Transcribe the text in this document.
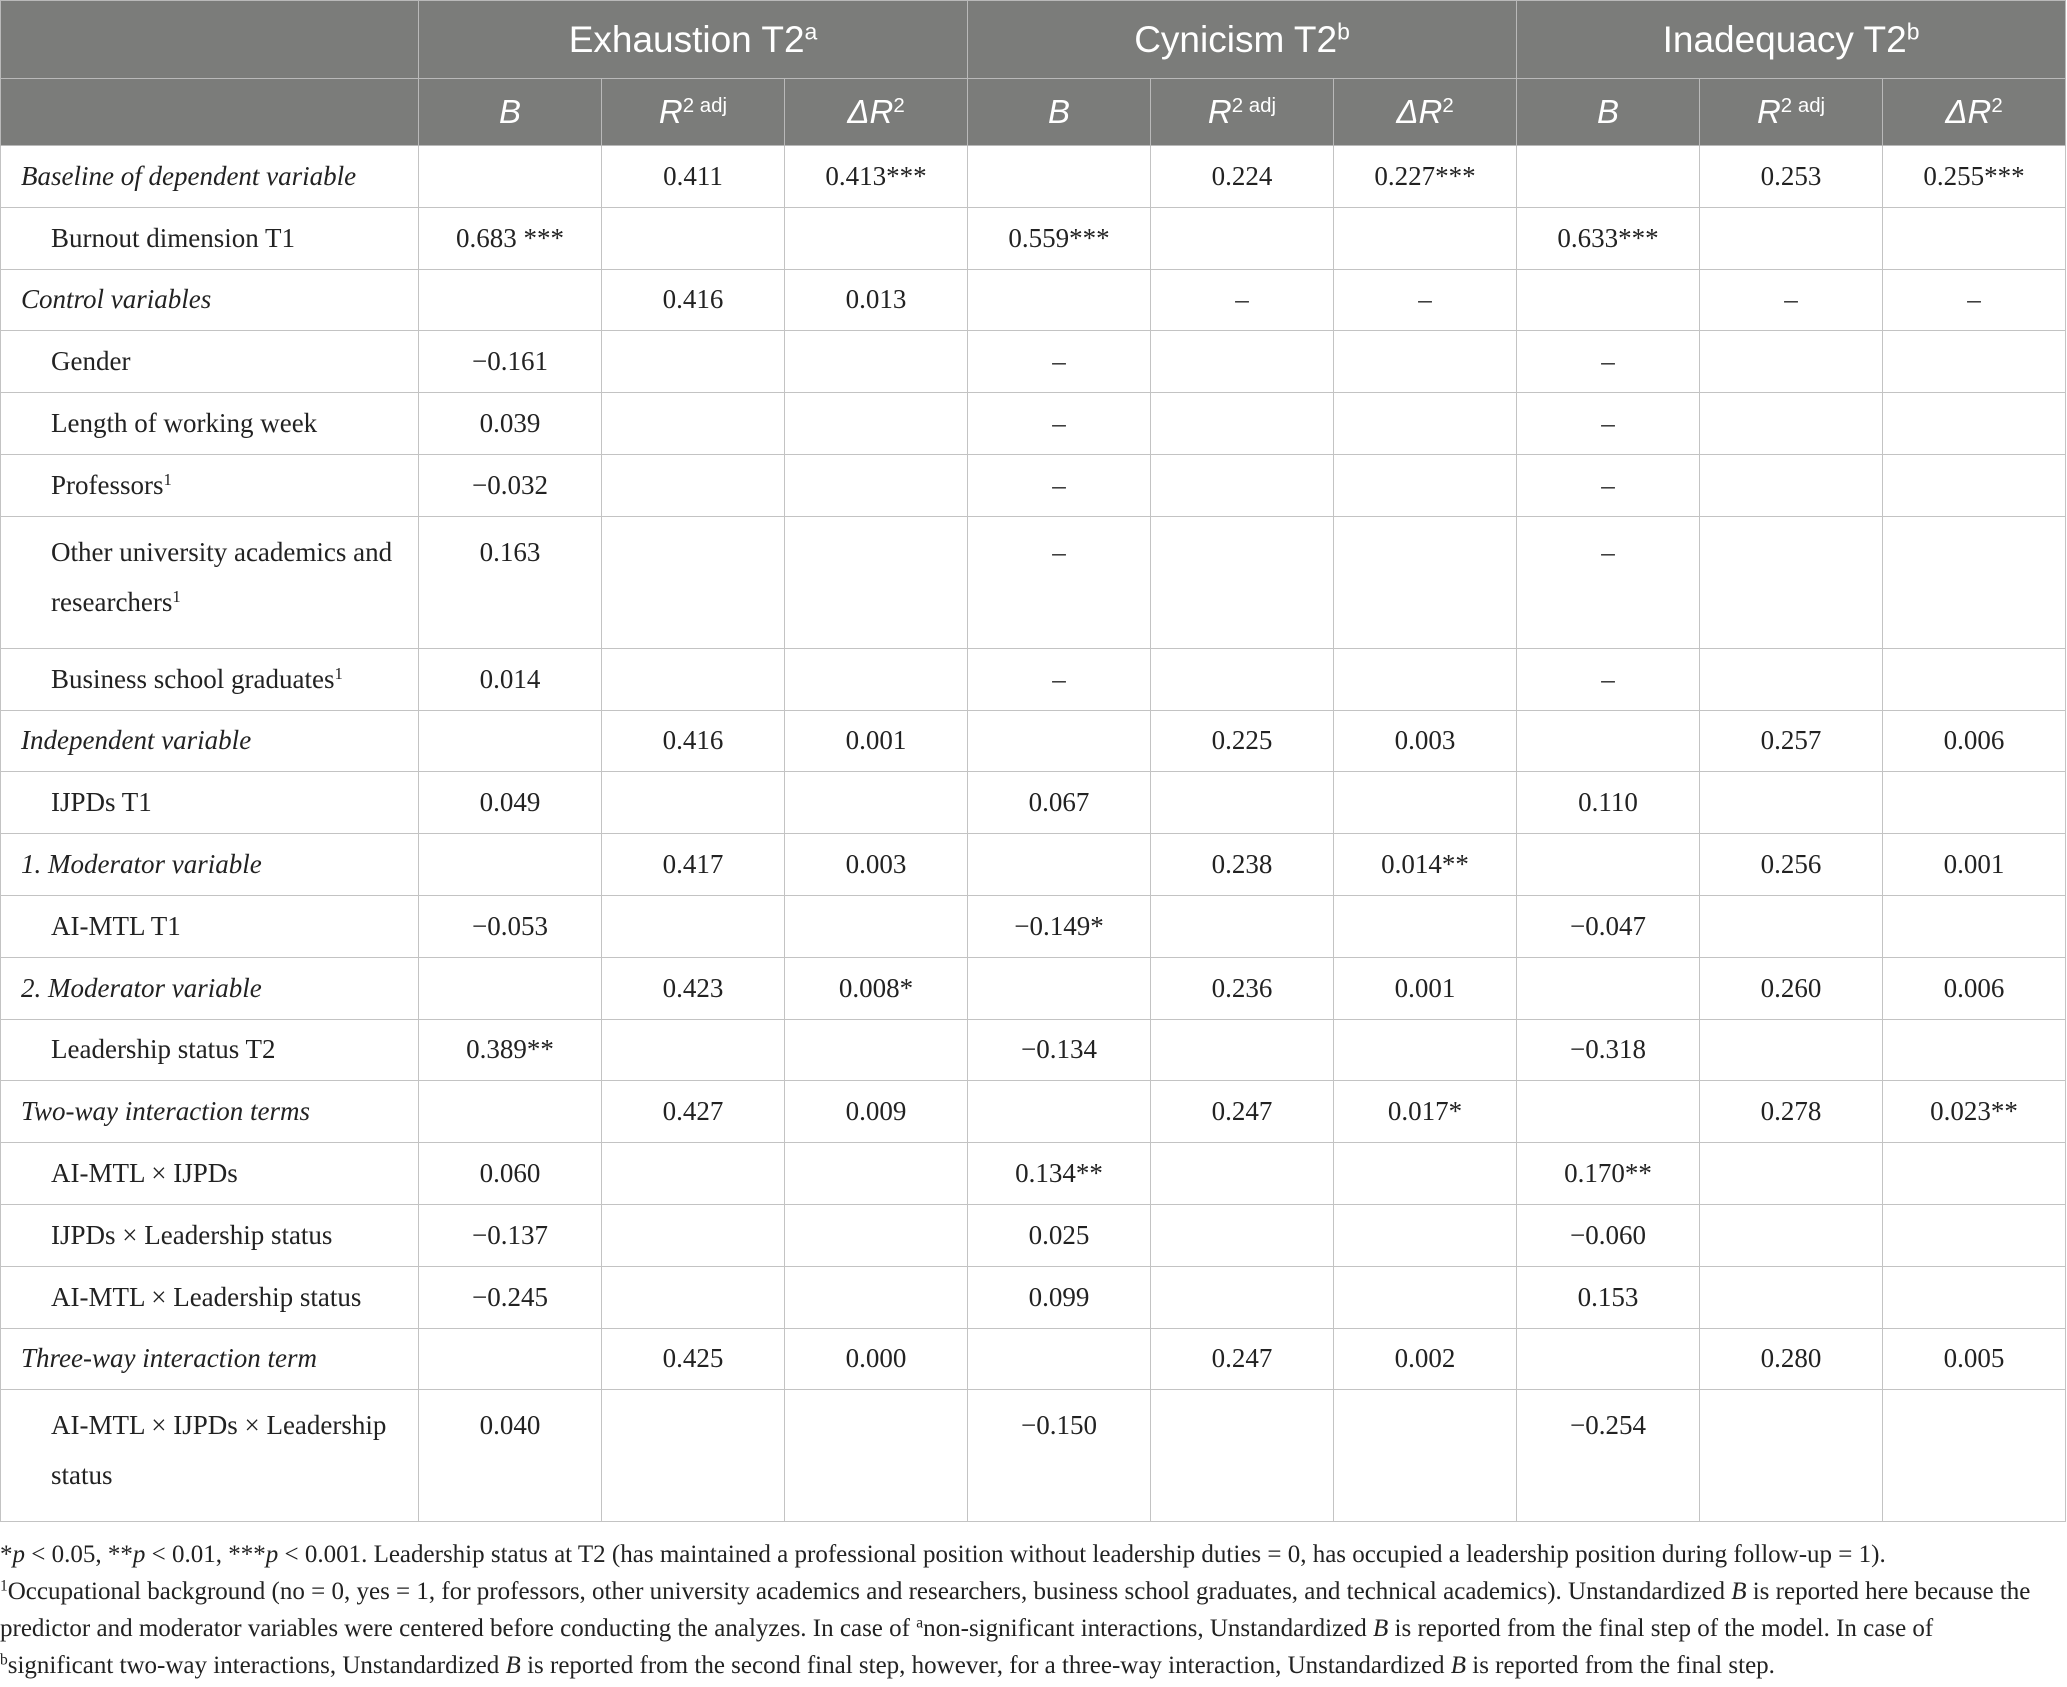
	Exhaustion T2$^a$			Cynicism T2$^b$			Inadequacy T2$^b$
	B	$R^{2 adj}$	$\Delta R^2$	B	$R^{2 adj}$	$\Delta R^2$	B	$R^{2 adj}$	$\Delta R^2$
Baseline of dependent variable		0.411	0.413***		0.224	0.227***		0.253	0.255***
Burnout dimension T1	0.683 ***			0.559***			0.633***		
Control variables		0.416	0.013		–	–		–	–
Gender	−0.161			–			–		
Length of working week	0.039			–			–		
Professors$^1$	−0.032			–			–		
Other university academics and researchers$^1$	0.163			–			–		
Business school graduates$^1$	0.014			–			–		
Independent variable		0.416	0.001		0.225	0.003		0.257	0.006
IJPDs T1	0.049			0.067			0.110		
1. Moderator variable		0.417	0.003		0.238	0.014**		0.256	0.001
AI-MTL T1	−0.053			−0.149*			−0.047		
2. Moderator variable		0.423	0.008*		0.236	0.001		0.260	0.006
Leadership status T2	0.389**			−0.134			−0.318		
Two-way interaction terms		0.427	0.009		0.247	0.017*		0.278	0.023**
AI-MTL × IJPDs	0.060			0.134**			0.170**		
IJPDs × Leadership status	−0.137			0.025			−0.060		
AI-MTL × Leadership status	−0.245			0.099			0.153		
Three-way interaction term		0.425	0.000		0.247	0.002		0.280	0.005
AI-MTL × IJPDs × Leadership status	0.040			−0.150			−0.254		

*p < 0.05, **p < 0.01, ***p < 0.001. Leadership status at T2 (has maintained a professional position without leadership duties = 0, has occupied a leadership position during follow-up = 1).

$^1$Occupational background (no = 0, yes = 1, for professors, other university academics and researchers, business school graduates, and technical academics). Unstandardized B is reported here because the predictor and moderator variables were centered before conducting the analyzes. In case of $^a$non-significant interactions, Unstandardized B is reported from the final step of the model. In case of $^b$significant two-way interactions, Unstandardized B is reported from the second final step, however, for a three-way interaction, Unstandardized B is reported from the final step.
